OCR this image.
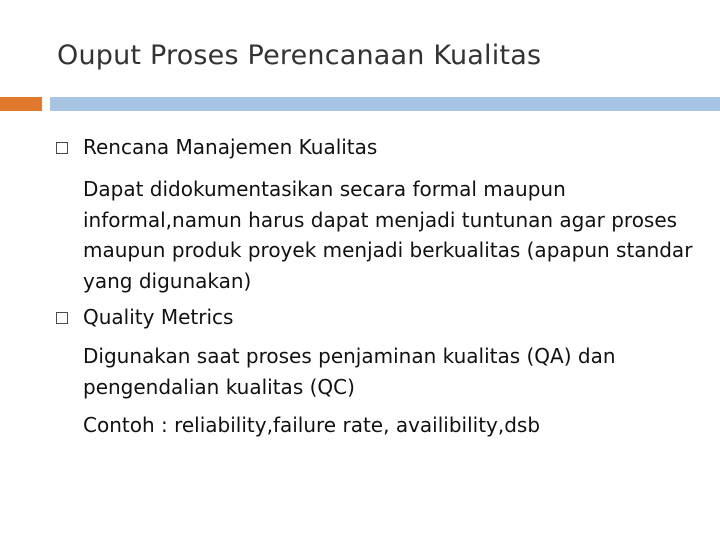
Ouput Proses Perencanaan Kualitas
Rencana Manajemen Kualitas
Dapat didokumentasikan secara formal maupun informal,namun harus dapat menjadi tuntunan agar proses maupun produk proyek menjadi berkualitas (apapun standar yang digunakan)
Quality Metrics
Digunakan saat proses penjaminan kualitas (QA) dan pengendalian kualitas (QC)
Contoh : reliability,failure rate, availibility,dsb
